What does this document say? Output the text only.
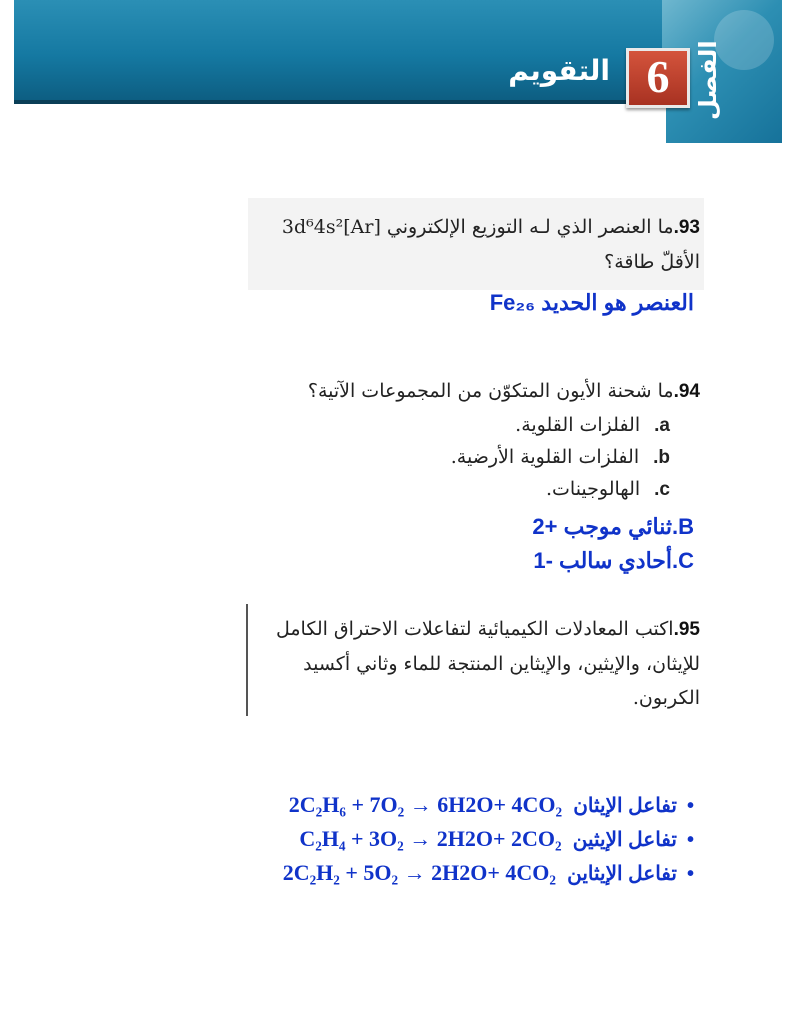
الفصل
6
التقويم
93.ما العنصر الذي لـه التوزيع الإلكتروني [Ar]3d⁶4s²
الأقلّ طاقة؟
العنصر هو الحديد Fe₂₆
94.ما شحنة الأيون المتكوّن من المجموعات الآتية؟
a.الفلزات القلوية.
b.الفلزات القلوية الأرضية.
c.الهالوجينات.
B.ثنائي موجب +2
C.أحادي سالب -1
95.اكتب المعادلات الكيميائية لتفاعلات الاحتراق الكامل
للإيثان، والإيثين، والإيثاين المنتجة للماء وثاني أكسيد
الكربون.
•تفاعل الإيثان  2C₂H₆ + 7O₂ → 6H2O+ 4CO₂
•تفاعل الإيثين  C₂H₄ + 3O₂ → 2H2O+ 2CO₂
•تفاعل الإيثاين  2C₂H₂ + 5O₂ → 2H2O+ 4CO₂
